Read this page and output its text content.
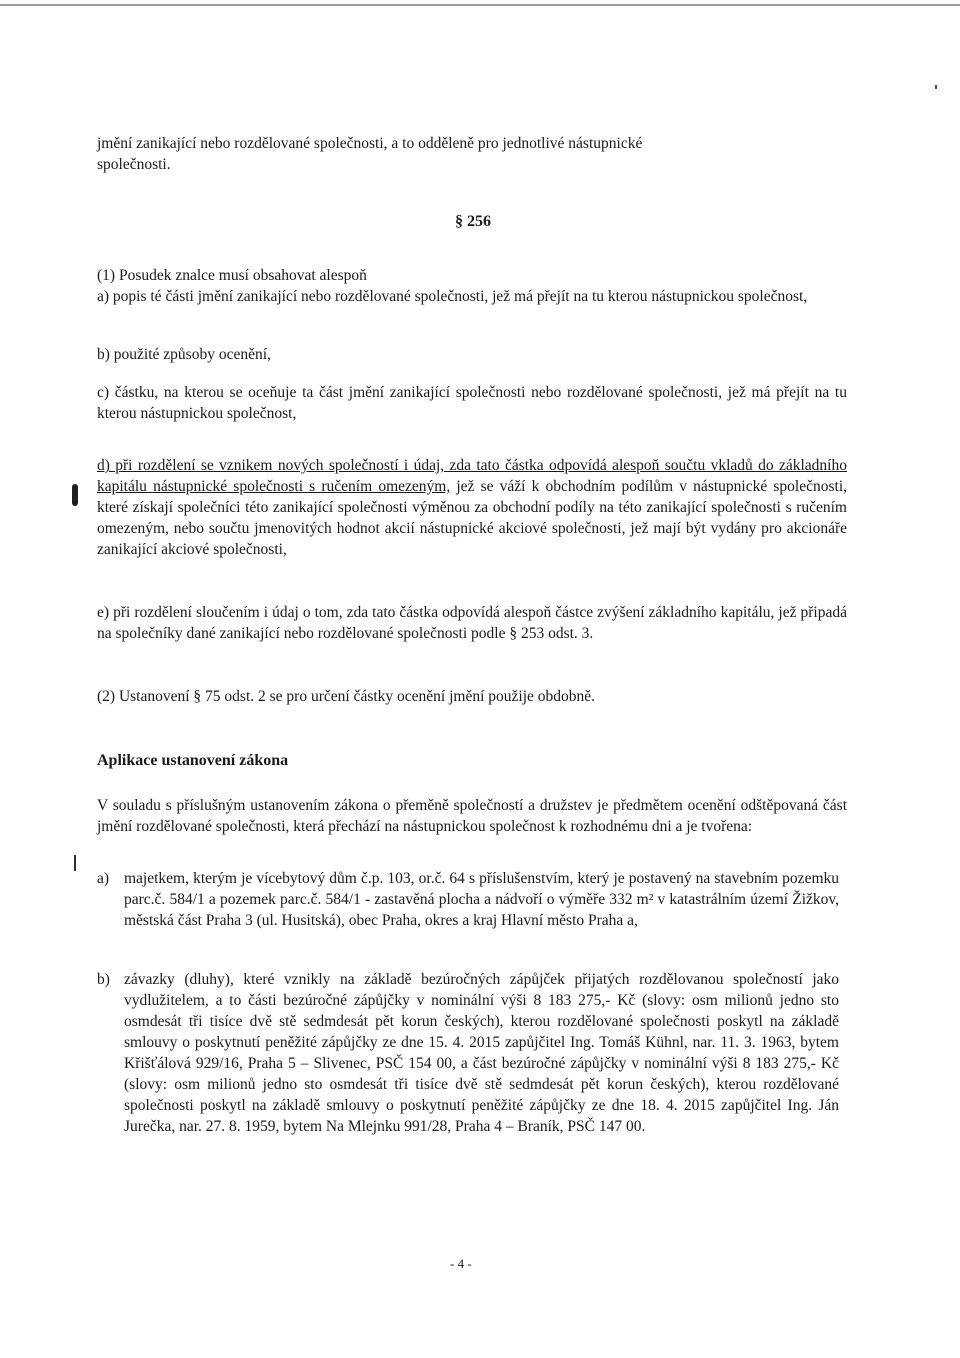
jmění zanikající nebo rozdělované společnosti, a to odděleně pro jednotlivé nástupnické

společnosti.

§ 256

(1) Posudek znalce musí obsahovat alespoň

a) popis té části jmění zanikající nebo rozdělované společnosti, jež má přejít na tu kterou nástupnickou společnost,

b) použité způsoby ocenění,

c) částku, na kterou se oceňuje ta část jmění zanikající společnosti nebo rozdělované společnosti, jež má přejít na tu kterou nástupnickou společnost,

d) při rozdělení se vznikem nových společností i údaj, zda tato částka odpovídá alespoň součtu vkladů do základního kapitálu nástupnické společnosti s ručením omezeným, jež se váží k obchodním podílům v nástupnické společnosti, které získají společníci této zanikající společnosti výměnou za obchodní podíly na této zanikající společnosti s ručením omezeným, nebo součtu jmenovitých hodnot akcií nástupnické akciové společnosti, jež mají být vydány pro akcionáře zanikající akciové společnosti,

e) při rozdělení sloučením i údaj o tom, zda tato částka odpovídá alespoň částce zvýšení základního kapitálu, jež připadá na společníky dané zanikající nebo rozdělované společnosti podle § 253 odst. 3.

(2) Ustanovení § 75 odst. 2 se pro určení částky ocenění jmění použije obdobně.

Aplikace ustanovení zákona

V souladu s příslušným ustanovením zákona o přeměně společností a družstev je předmětem ocenění odštěpovaná část jmění rozdělované společnosti, která přechází na nástupnickou společnost k rozhodnému dni a je tvořena:

a) majetkem, kterým je vícebytový dům č.p. 103, or.č. 64 s příslušenstvím, který je postavený na stavebním pozemku parc.č. 584/1 a pozemek parc.č. 584/1 - zastavěná plocha a nádvoří o výměře 332 m² v katastrálním území Žižkov, městská část Praha 3 (ul. Husitská), obec Praha, okres a kraj Hlavní město Praha a,

b) závazky (dluhy), které vznikly na základě bezúročných zápůjček přijatých rozdělovanou společností jako vydlužitelem, a to části bezúročné zápůjčky v nominální výši 8 183 275,- Kč (slovy: osm milionů jedno sto osmdesát tři tisíce dvě stě sedmdesát pět korun českých), kterou rozdělované společnosti poskytl na základě smlouvy o poskytnutí peněžité zápůjčky ze dne 15. 4. 2015 zapůjčitel Ing. Tomáš Kühnl, nar. 11. 3. 1963, bytem Křišťálová 929/16, Praha 5 – Slivenec, PSČ 154 00, a část bezúročné zápůjčky v nominální výši 8 183 275,- Kč (slovy: osm milionů jedno sto osmdesát tři tisíce dvě stě sedmdesát pět korun českých), kterou rozdělované společnosti poskytl na základě smlouvy o poskytnutí peněžité zápůjčky ze dne 18. 4. 2015 zapůjčitel Ing. Ján Jurečka, nar. 27. 8. 1959, bytem Na Mlejnku 991/28, Praha 4 – Braník, PSČ 147 00.

- 4 -
